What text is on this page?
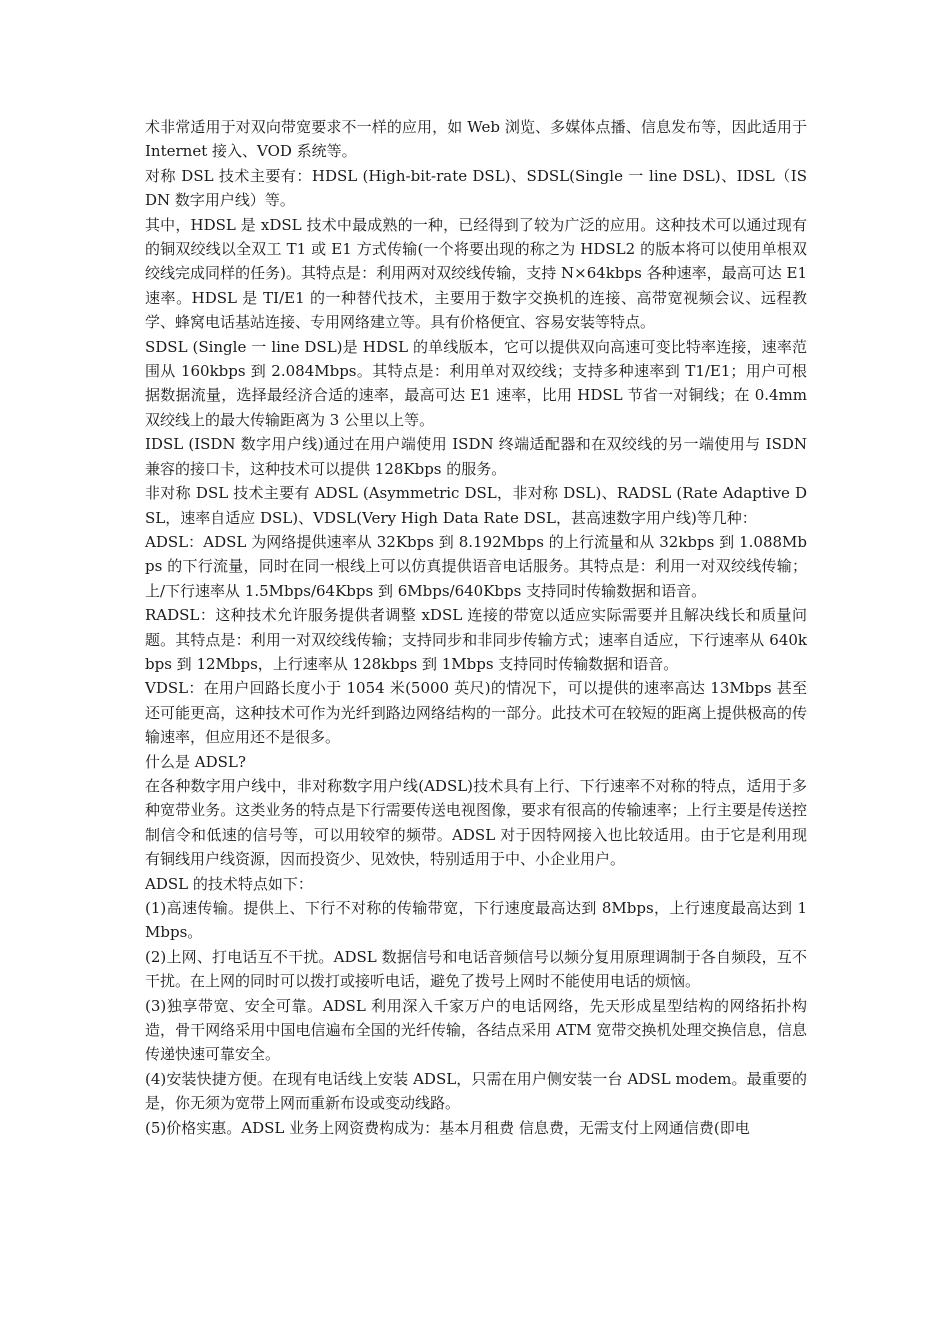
术非常适用于对双向带宽要求不一样的应用，如 Web 浏览、多媒体点播、信息发布等，因此适用于 Internet 接入、VOD 系统等。

对称 DSL 技术主要有：HDSL (High-bit-rate DSL)、SDSL(Single 一 line DSL)、IDSL（ISDN 数字用户线）等。

其中，HDSL 是 xDSL 技术中最成熟的一种，已经得到了较为广泛的应用。这种技术可以通过现有的铜双绞线以全双工 T1 或 E1 方式传输(一个将要出现的称之为 HDSL2 的版本将可以使用单根双绞线完成同样的任务)。其特点是：利用两对双绞线传输，支持 N×64kbps 各种速率，最高可达 E1 速率。HDSL 是 TI/E1 的一种替代技术，主要用于数字交换机的连接、高带宽视频会议、远程教学、蜂窝电话基站连接、专用网络建立等。具有价格便宜、容易安装等特点。

SDSL (Single 一 line DSL)是 HDSL 的单线版本，它可以提供双向高速可变比特率连接，速率范围从 160kbps 到 2.084Mbps。其特点是：利用单对双绞线；支持多种速率到 T1/E1；用户可根据数据流量，选择最经济合适的速率，最高可达 E1 速率，比用 HDSL 节省一对铜线；在 0.4mm 双绞线上的最大传输距离为 3 公里以上等。

IDSL (ISDN 数字用户线)通过在用户端使用 ISDN 终端适配器和在双绞线的另一端使用与 ISDN 兼容的接口卡，这种技术可以提供 128Kbps 的服务。

非对称 DSL 技术主要有 ADSL (Asymmetric DSL，非对称 DSL)、RADSL (Rate Adaptive DSL，速率自适应 DSL)、VDSL(Very High Data Rate DSL，甚高速数字用户线)等几种：

ADSL：ADSL 为网络提供速率从 32Kbps 到 8.192Mbps 的上行流量和从 32kbps 到 1.088Mbps 的下行流量，同时在同一根线上可以仿真提供语音电话服务。其特点是：利用一对双绞线传输；上/下行速率从 1.5Mbps/64Kbps 到 6Mbps/640Kbps 支持同时传输数据和语音。

RADSL：这种技术允许服务提供者调整 xDSL 连接的带宽以适应实际需要并且解决线长和质量问题。其特点是：利用一对双绞线传输；支持同步和非同步传输方式；速率自适应，下行速率从 640kbps 到 12Mbps，上行速率从 128kbps 到 1Mbps 支持同时传输数据和语音。

VDSL：在用户回路长度小于 1054 米(5000 英尺)的情况下，可以提供的速率高达 13Mbps 甚至还可能更高，这种技术可作为光纤到路边网络结构的一部分。此技术可在较短的距离上提供极高的传输速率，但应用还不是很多。

什么是 ADSL?

在各种数字用户线中，非对称数字用户线(ADSL)技术具有上行、下行速率不对称的特点，适用于多种宽带业务。这类业务的特点是下行需要传送电视图像，要求有很高的传输速率；上行主要是传送控制信令和低速的信号等，可以用较窄的频带。ADSL 对于因特网接入也比较适用。由于它是利用现有铜线用户线资源，因而投资少、见效快，特别适用于中、小企业用户。

ADSL 的技术特点如下：

(1)高速传输。提供上、下行不对称的传输带宽，下行速度最高达到 8Mbps，上行速度最高达到 1Mbps。

(2)上网、打电话互不干扰。ADSL 数据信号和电话音频信号以频分复用原理调制于各自频段，互不干扰。在上网的同时可以拨打或接听电话，避免了拨号上网时不能使用电话的烦恼。

(3)独享带宽、安全可靠。ADSL 利用深入千家万户的电话网络，先天形成星型结构的网络拓扑构造，骨干网络采用中国电信遍布全国的光纤传输，各结点采用 ATM 宽带交换机处理交换信息，信息传递快速可靠安全。

(4)安装快捷方便。在现有电话线上安装 ADSL，只需在用户侧安装一台 ADSL modem。最重要的是，你无须为宽带上网而重新布设或变动线路。

(5)价格实惠。ADSL 业务上网资费构成为：基本月租费 信息费，无需支付上网通信费(即电
